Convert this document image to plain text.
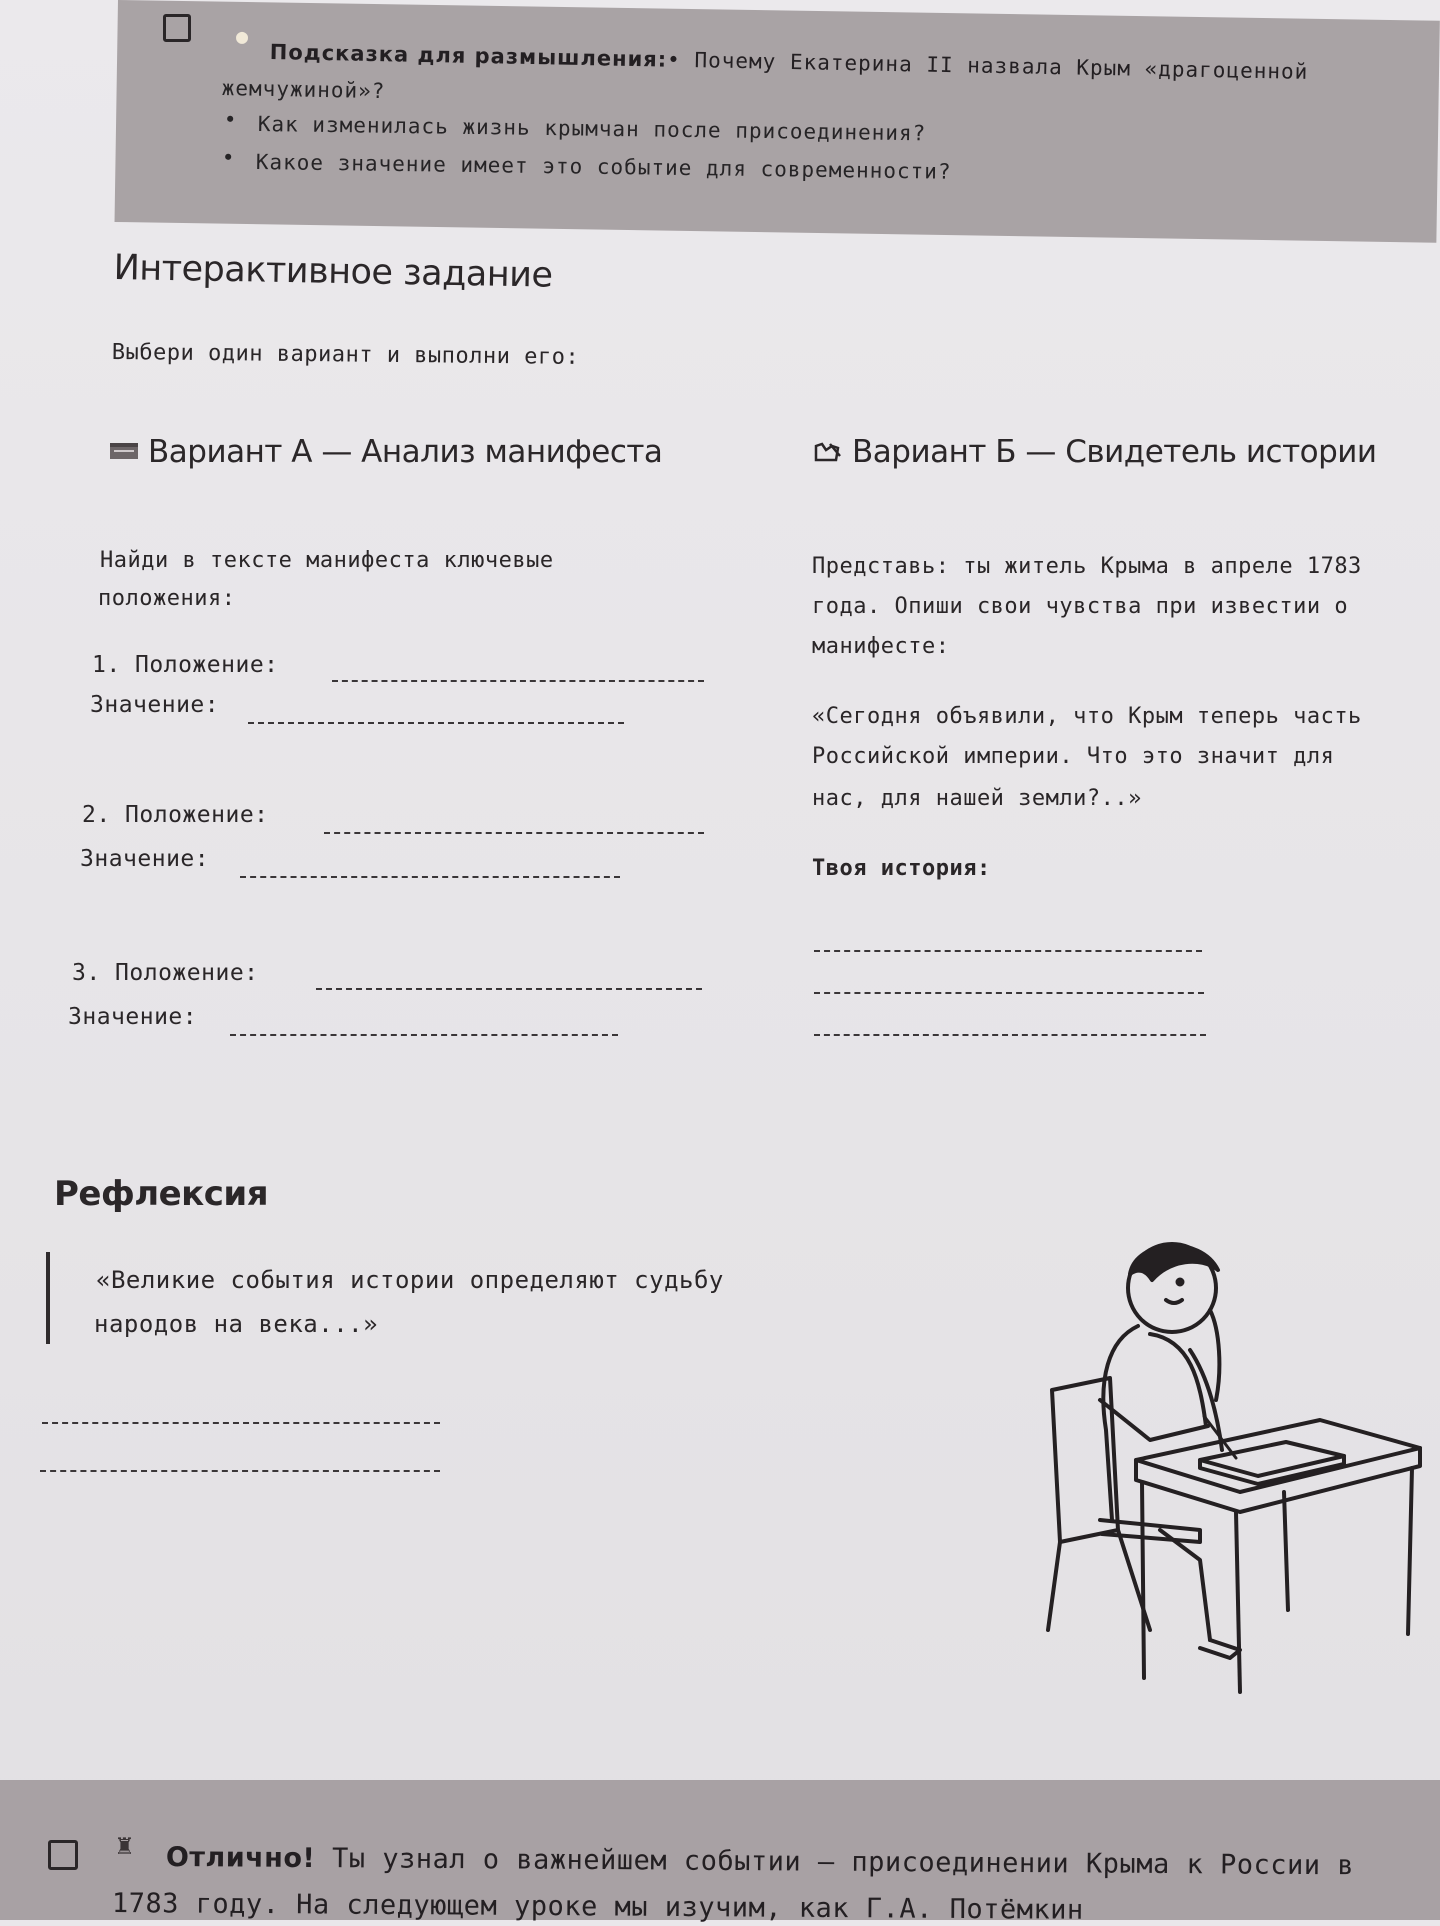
●
Подсказка для размышления:• Почему Екатерина II назвала Крым «драгоценной
жемчужиной»?
• Как изменилась жизнь крымчан после присоединения?
• Какое значение имеет это событие для современности?
Интерактивное задание
Выбери один вариант и выполни его:
Вариант А — Анализ манифеста
Найди в тексте манифеста ключевые
положения:
1. Положение:
Значение:
2. Положение:
Значение:
3. Положение:
Значение:
Вариант Б — Свидетель истории
Представь: ты житель Крыма в апреле 1783
года. Опиши свои чувства при известии о
манифесте:
«Сегодня объявили, что Крым теперь часть
Российской империи. Что это значит для
нас, для нашей земли?..»
Твоя история:
Рефлексия
«Великие события истории определяют судьбу
народов на века...»
♜ Отлично! Ты узнал о важнейшем событии — присоединении Крыма к России в
1783 году. На следующем уроке мы изучим, как Г.А. Потёмкин
